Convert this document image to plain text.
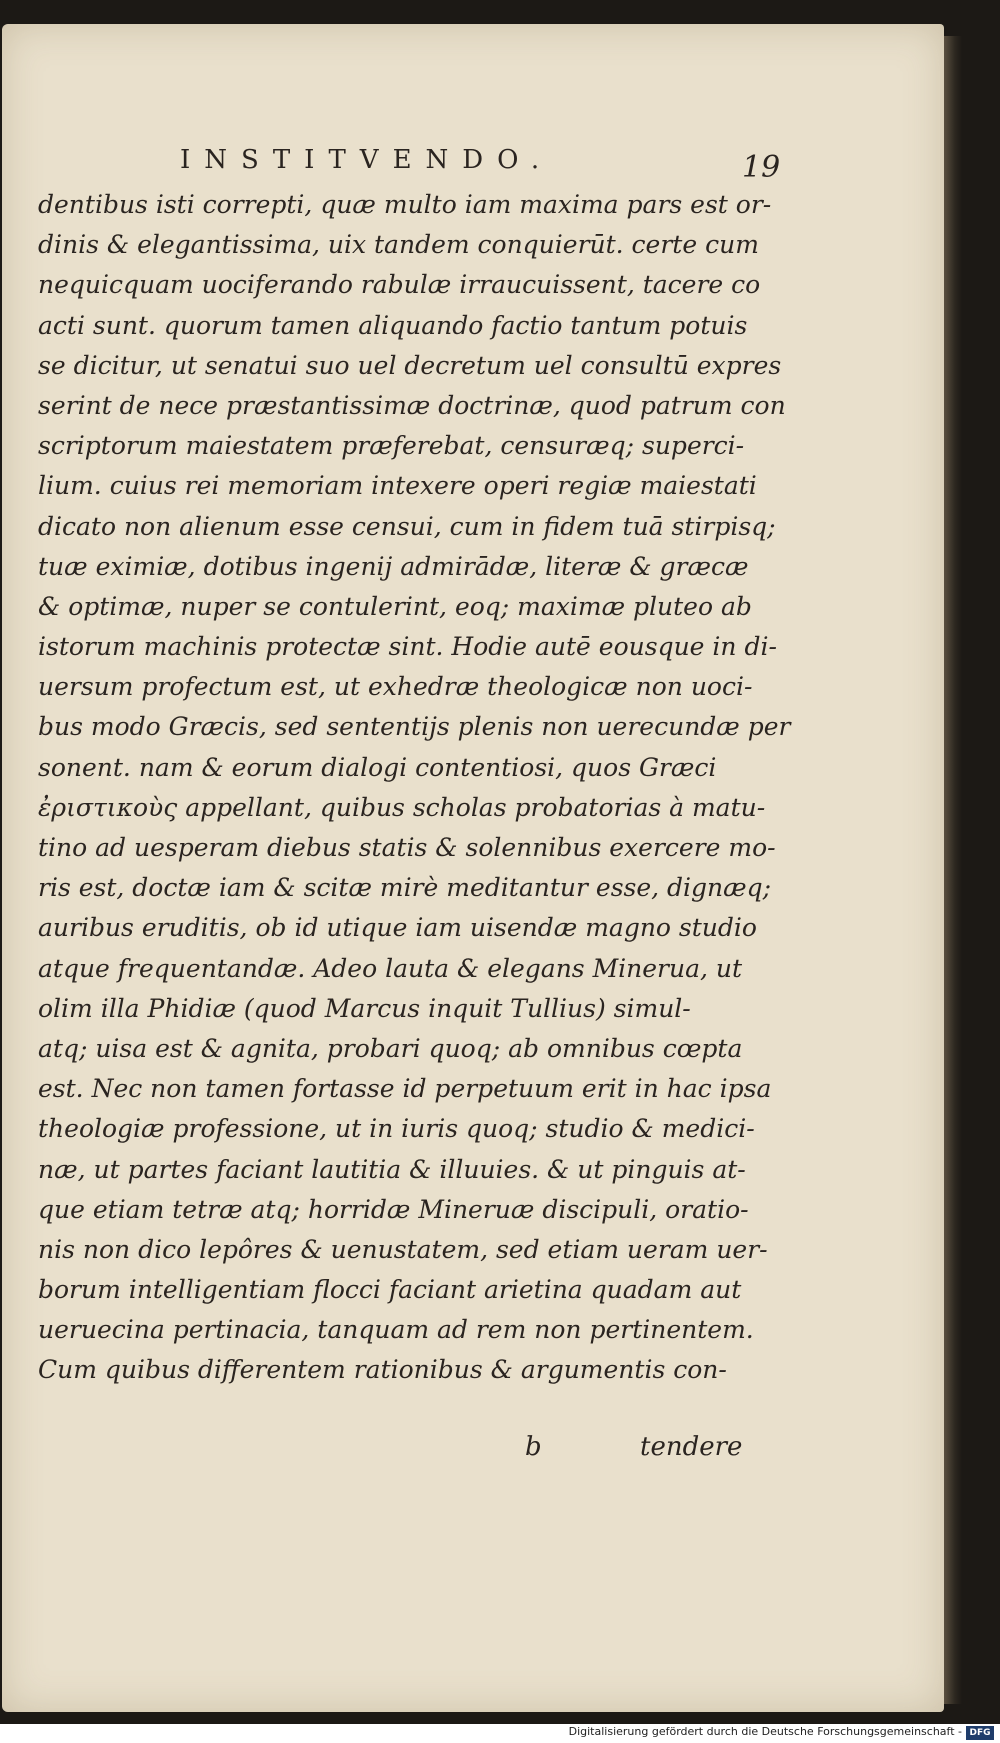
INSTITVENDO.	19
dentibus isti correpti, quæ multo iam maxima pars est or-
dinis & elegantissima, uix tandem conquierūt. certe cum
nequicquam uociferando rabulæ irraucuissent, tacere co
acti sunt. quorum tamen aliquando factio tantum potuis
se dicitur, ut senatui suo uel decretum uel consultū expres
serint de nece præstantissimæ doctrinæ, quod patrum con
scriptorum maiestatem præferebat, censuræq; superci-
lium. cuius rei memoriam intexere operi regiæ maiestati
dicato non alienum esse censui, cum in fidem tuā stirpisq;
tuæ eximiæ, dotibus ingenij admirādæ, literæ & græcæ
& optimæ, nuper se contulerint, eoq; maximæ pluteo ab
istorum machinis protectæ sint. Hodie autē eousque in di-
uersum profectum est, ut exhedræ theologicæ non uoci-
bus modo Græcis, sed sententijs plenis non uerecundæ per
sonent. nam & eorum dialogi contentiosi, quos Græci
ἐριστικοὺς appellant, quibus scholas probatorias à matu-
tino ad uesperam diebus statis & solennibus exercere mo-
ris est, doctæ iam & scitæ mirè meditantur esse, dignæq;
auribus eruditis, ob id utique iam uisendæ magno studio
atque frequentandæ. Adeo lauta & elegans Minerua, ut
olim illa Phidiæ (quod Marcus inquit Tullius) simul-
atq; uisa est & agnita, probari quoq; ab omnibus cœpta
est. Nec non tamen fortasse id perpetuum erit in hac ipsa
theologiæ professione, ut in iuris quoq; studio & medici-
næ, ut partes faciant lautitia & illuuies. & ut pinguis at-
que etiam tetræ atq; horridæ Mineruæ discipuli, oratio-
nis non dico lepôres & uenustatem, sed etiam ueram uer-
borum intelligentiam flocci faciant arietina quadam aut
ueruecina pertinacia, tanquam ad rem non pertinentem.
Cum quibus differentem rationibus & argumentis con-
b	tendere
Digitalisierung gefördert durch die Deutsche Forschungsgemeinschaft - DFG
